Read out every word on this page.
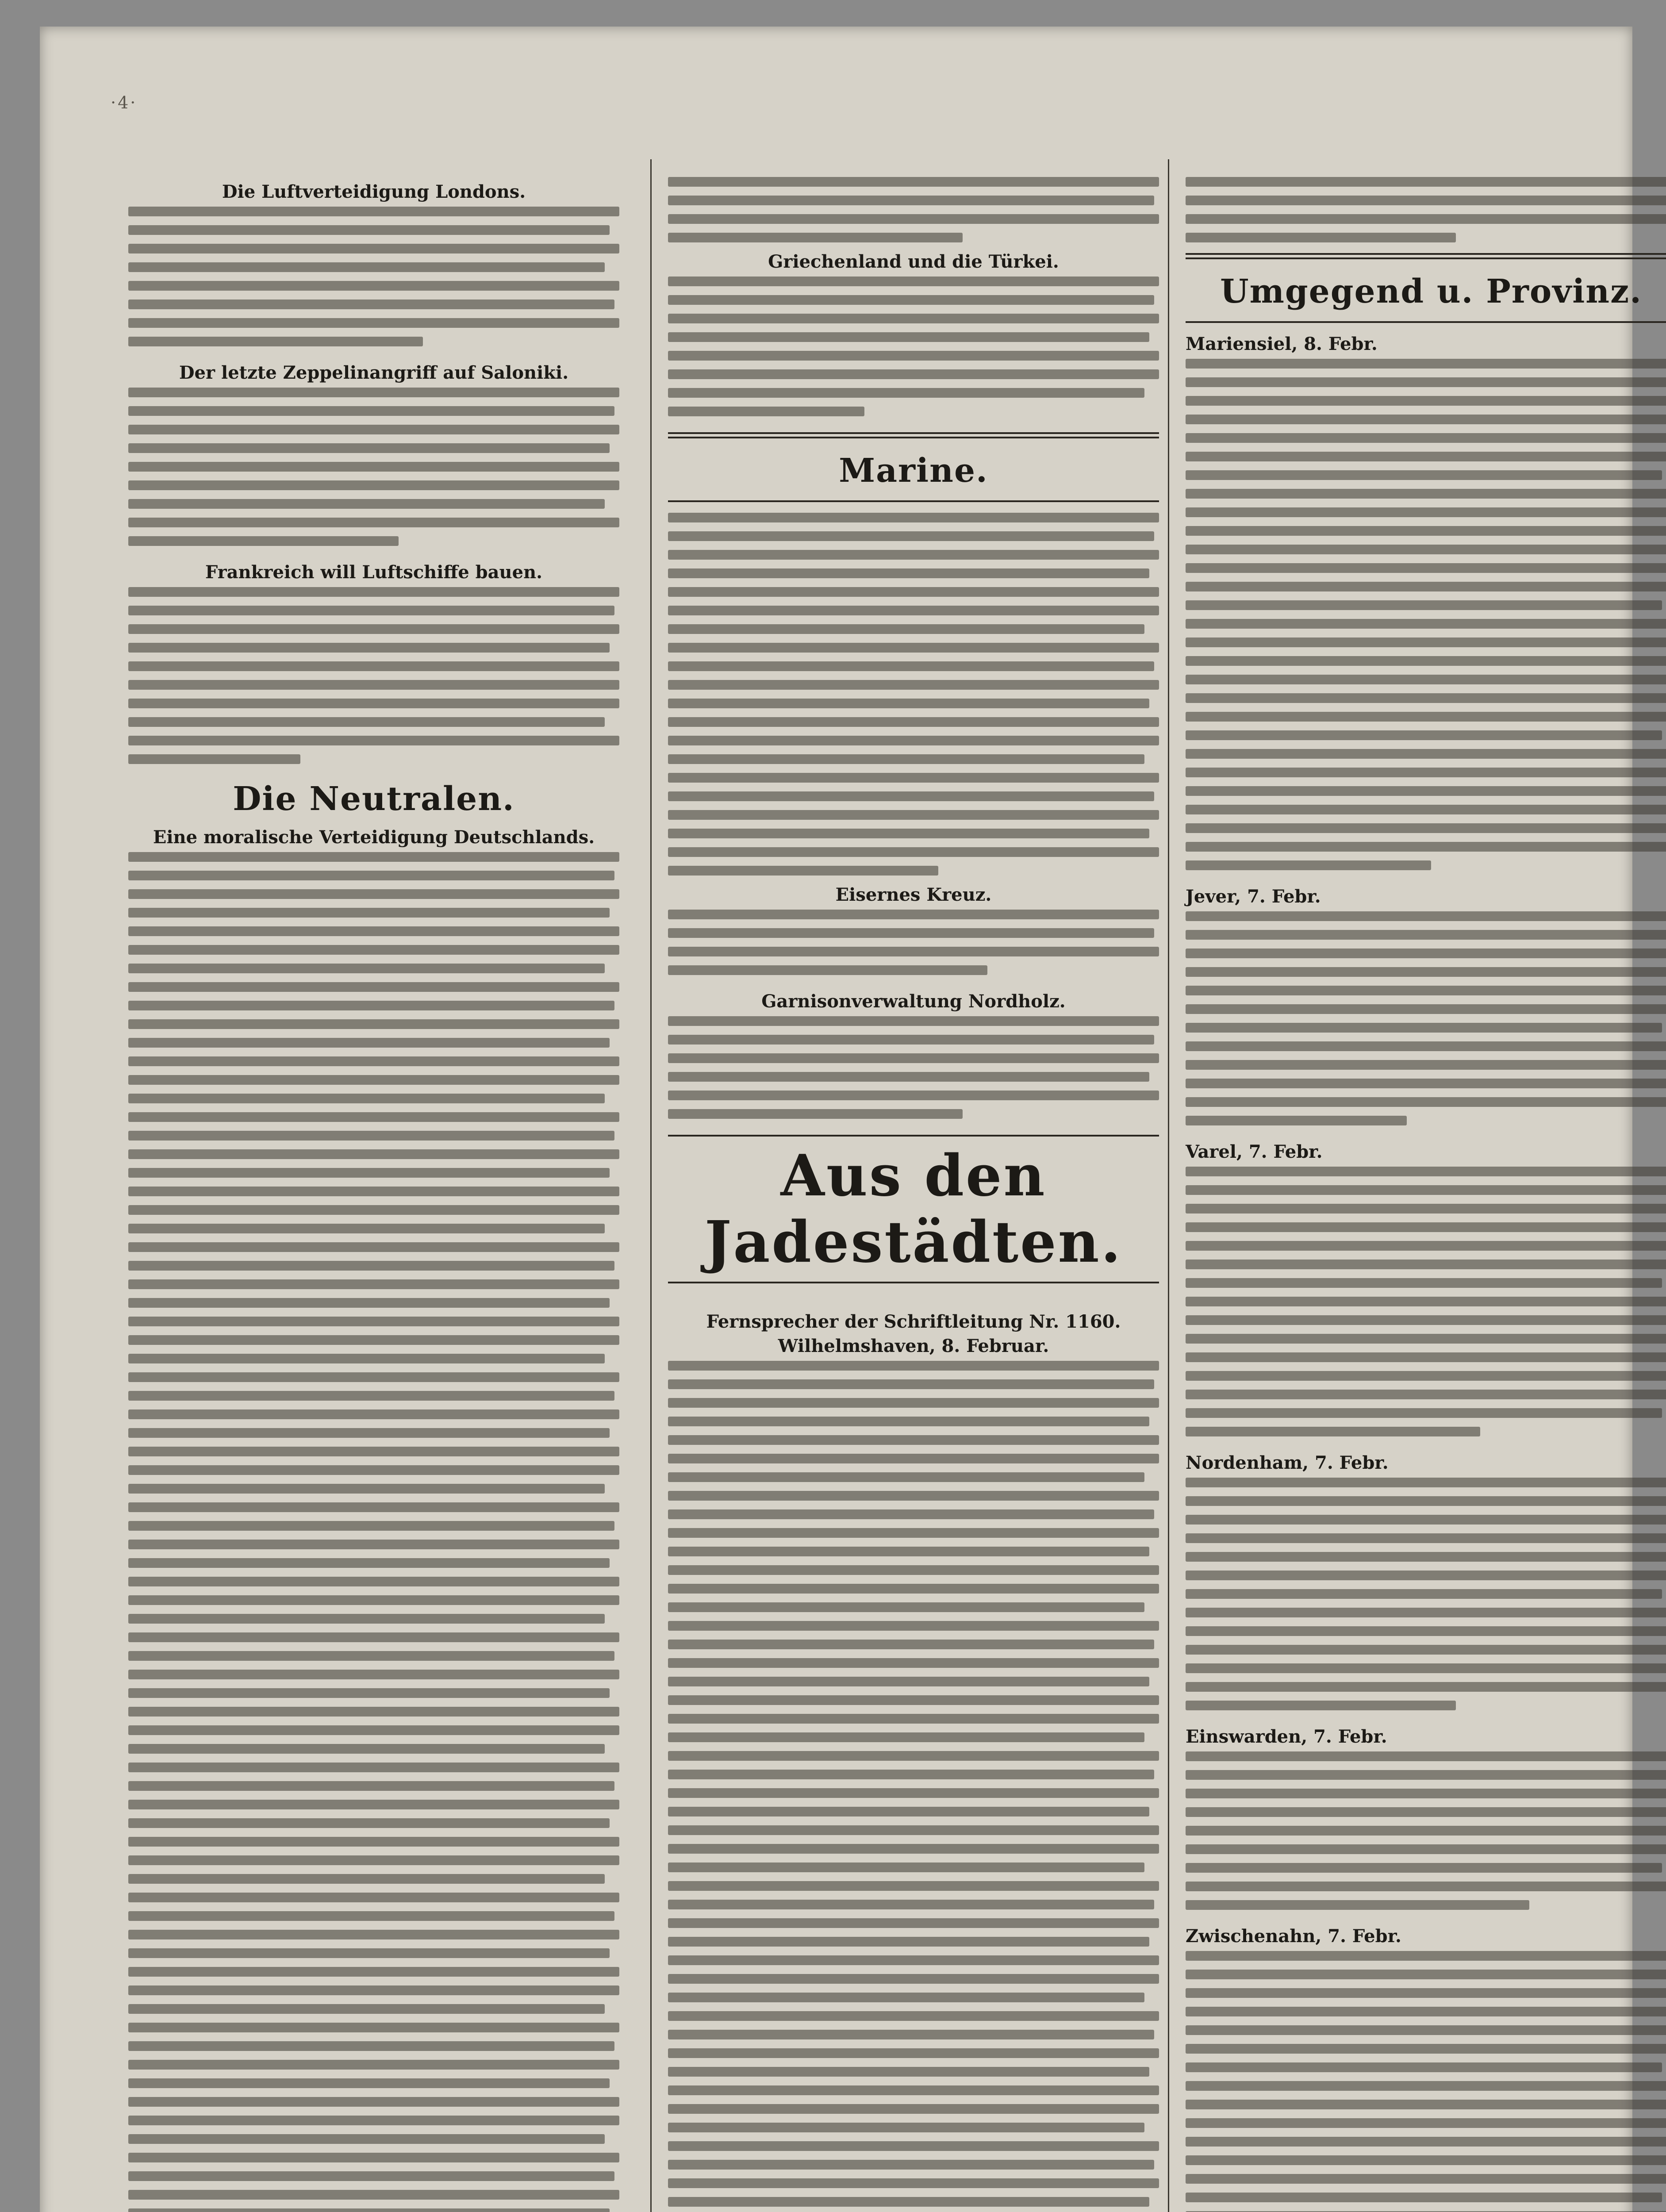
·4·
Die Luftverteidigung Londons.
Der letzte Zeppelinangriff auf Saloniki.
Frankreich will Luftschiffe bauen.
Die Neutralen.
Eine moralische Verteidigung Deutschlands.
Griechenland und die Türkei.
Marine.
Eisernes Kreuz.
Garnisonverwaltung Nordholz.
Aus den Jadestädten.
Fernsprecher der Schriftleitung Nr. 1160.
Wilhelmshaven, 8. Februar.
Umgegend u. Provinz.
Mariensiel, 8. Febr.
Jever, 7. Febr.
Varel, 7. Febr.
Nordenham, 7. Febr.
Einswarden, 7. Febr.
Zwischenahn, 7. Febr.
